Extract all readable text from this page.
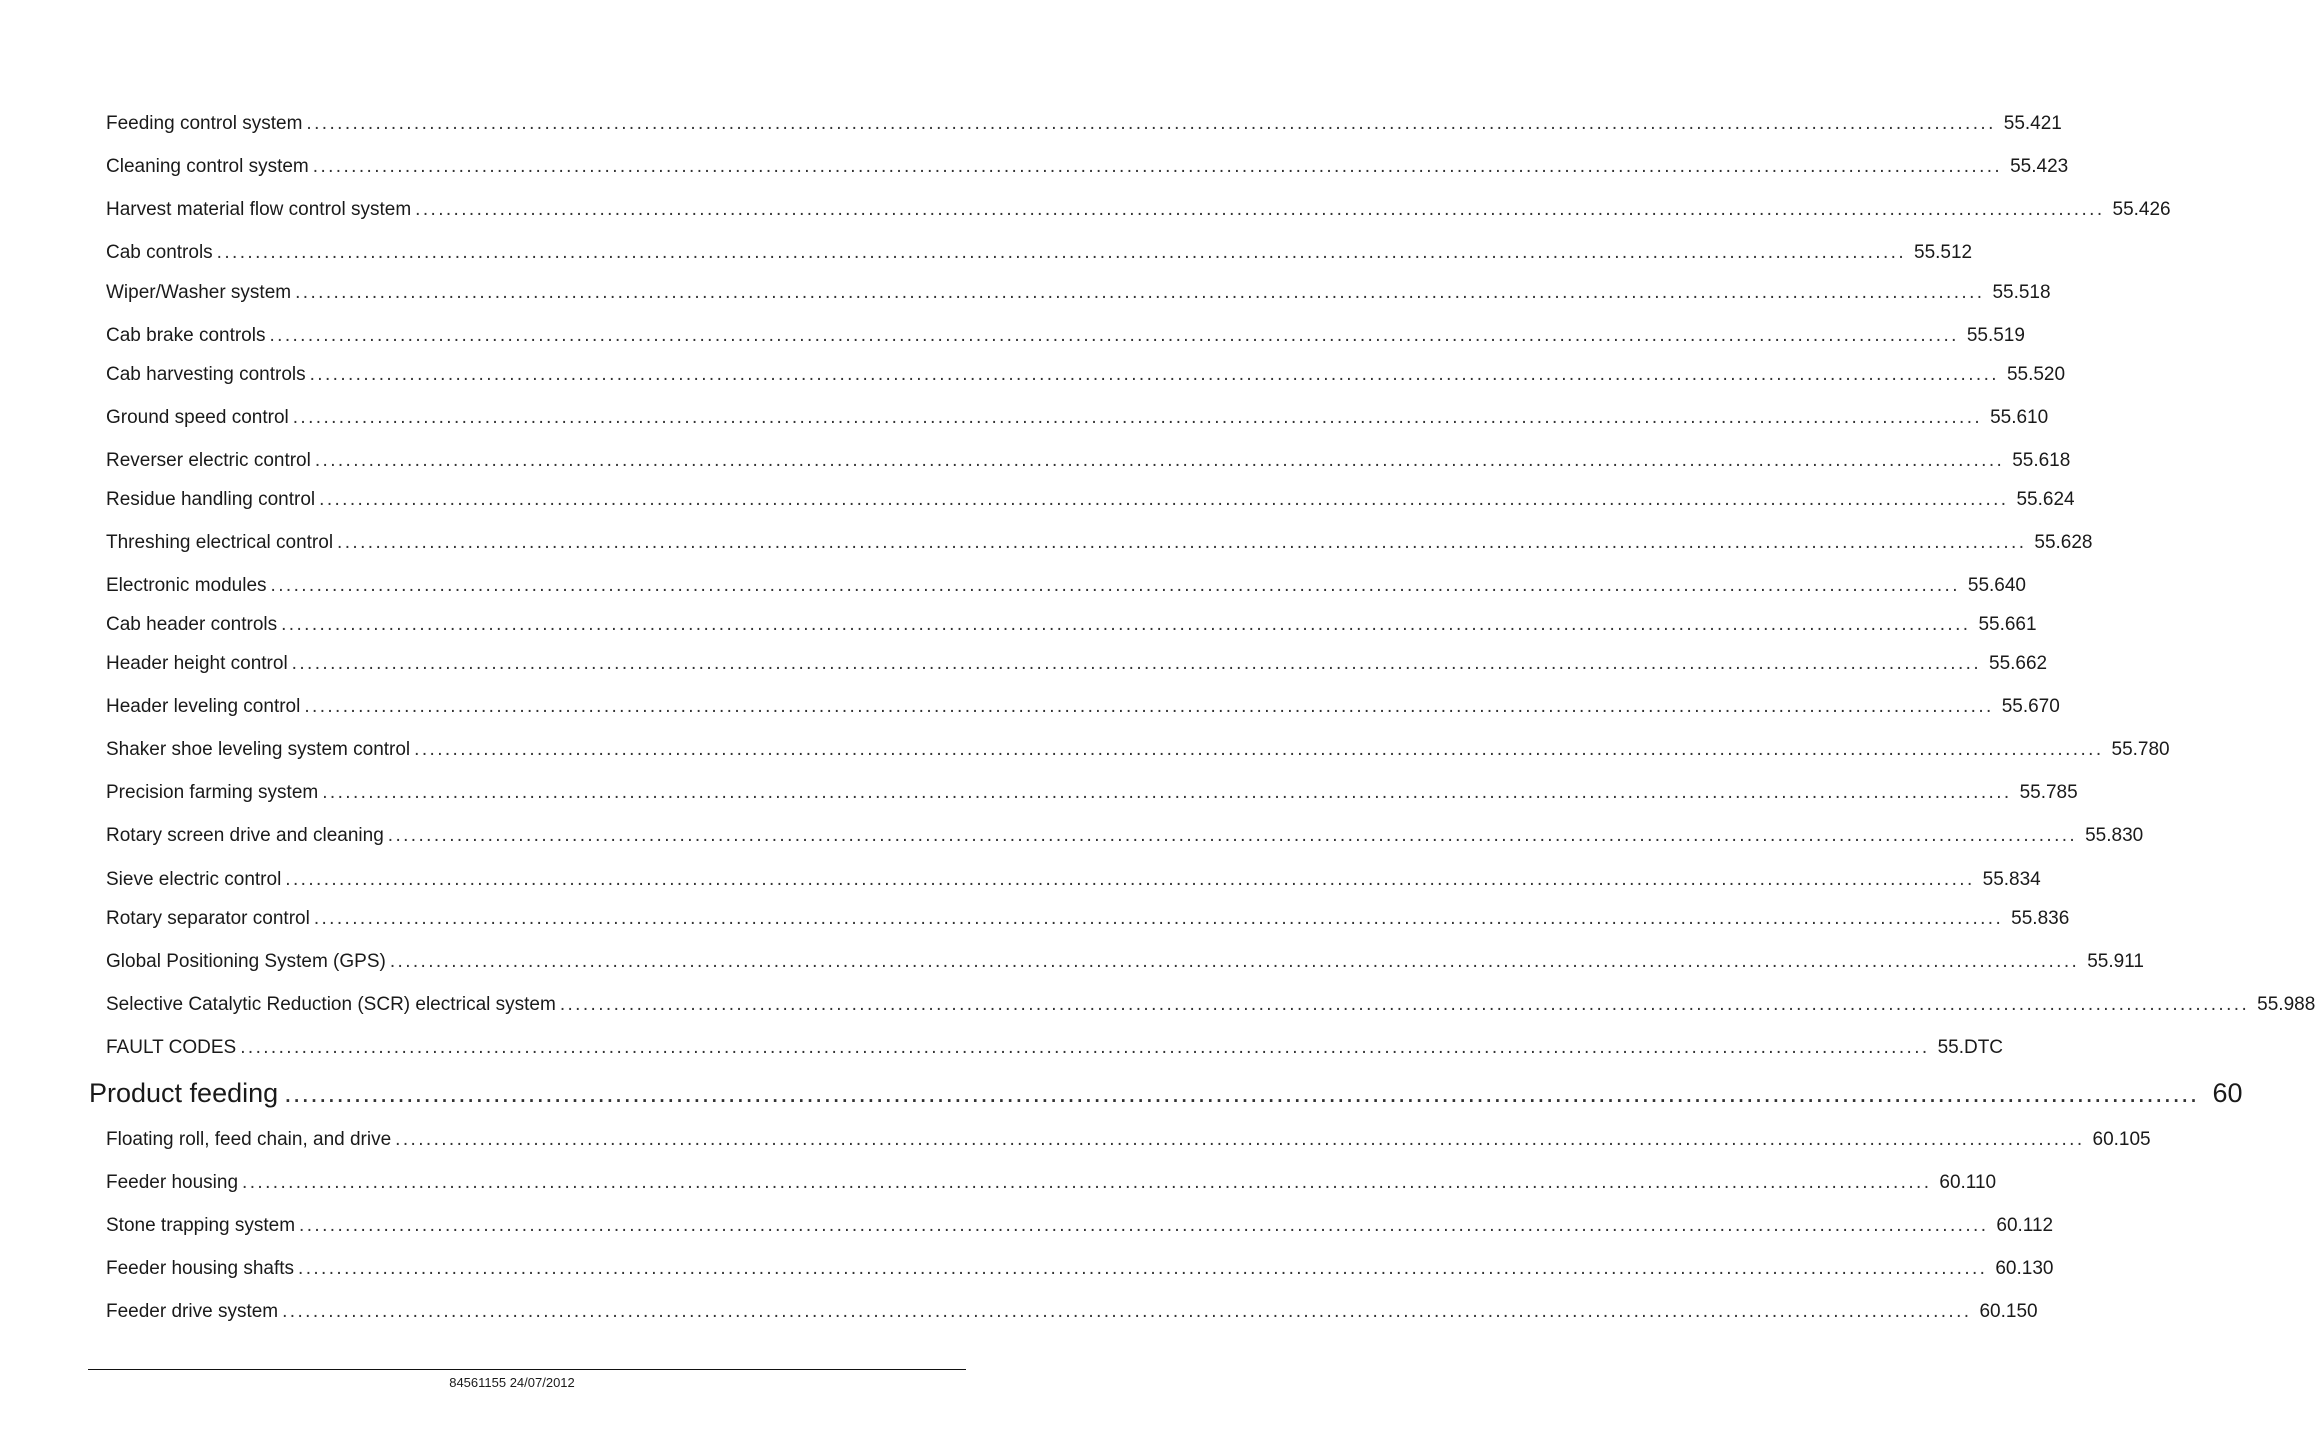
Feeding control system ............................................................................................................................................................................................................................ 55.421
Cleaning control system ............................................................................................................................................................................................................................ 55.423
Harvest material flow control system ............................................................................................................................................................................................................................ 55.426
Cab controls ............................................................................................................................................................................................................................ 55.512
Wiper/Washer system ............................................................................................................................................................................................................................ 55.518
Cab brake controls ............................................................................................................................................................................................................................ 55.519
Cab harvesting controls ............................................................................................................................................................................................................................ 55.520
Ground speed control ............................................................................................................................................................................................................................ 55.610
Reverser electric control ............................................................................................................................................................................................................................ 55.618
Residue handling control ............................................................................................................................................................................................................................ 55.624
Threshing electrical control ............................................................................................................................................................................................................................ 55.628
Electronic modules ............................................................................................................................................................................................................................ 55.640
Cab header controls ............................................................................................................................................................................................................................ 55.661
Header height control ............................................................................................................................................................................................................................ 55.662
Header leveling control ............................................................................................................................................................................................................................ 55.670
Shaker shoe leveling system control ............................................................................................................................................................................................................................ 55.780
Precision farming system ............................................................................................................................................................................................................................ 55.785
Rotary screen drive and cleaning ............................................................................................................................................................................................................................ 55.830
Sieve electric control ............................................................................................................................................................................................................................ 55.834
Rotary separator control ............................................................................................................................................................................................................................ 55.836
Global Positioning System (GPS) ............................................................................................................................................................................................................................ 55.911
Selective Catalytic Reduction (SCR) electrical system ............................................................................................................................................................................................................................ 55.988
FAULT CODES ............................................................................................................................................................................................................................ 55.DTC
Product feeding ............................................................................................................................................................................................................................ 60
Floating roll, feed chain, and drive ............................................................................................................................................................................................................................ 60.105
Feeder housing ............................................................................................................................................................................................................................ 60.110
Stone trapping system ............................................................................................................................................................................................................................ 60.112
Feeder housing shafts ............................................................................................................................................................................................................................ 60.130
Feeder drive system ............................................................................................................................................................................................................................ 60.150
84561155 24/07/2012
